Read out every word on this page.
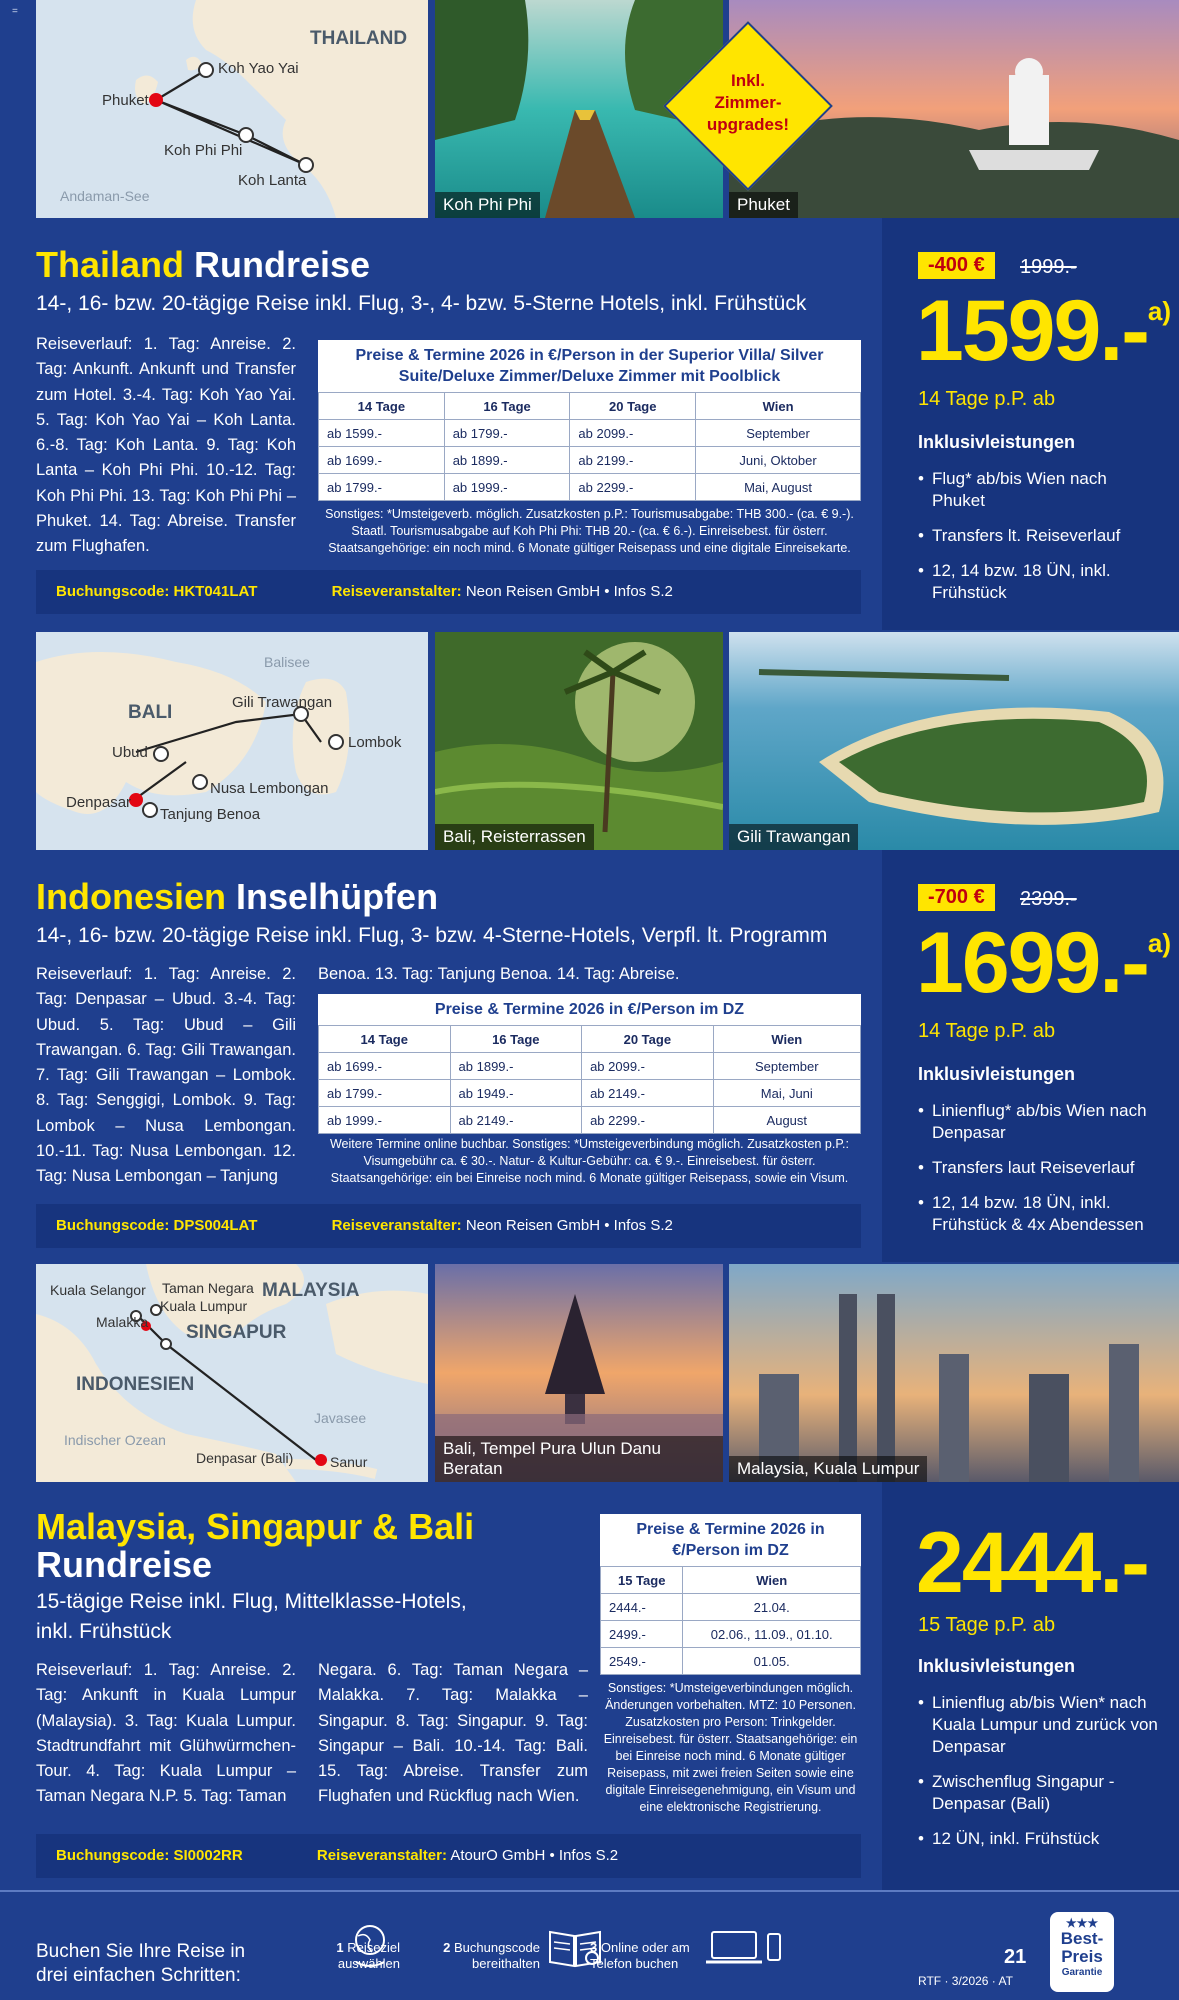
=
THAILAND
Koh Yao Yai
Phuket
Koh Phi Phi
Koh Lanta
Andaman-See	Koh Phi Phi	Phuket
Inkl. Zimmer-upgrades!
Thailand Rundreise
14-, 16- bzw. 20-tägige Reise inkl. Flug, 3-, 4- bzw. 5-Sterne Hotels, inkl. Frühstück
Reiseverlauf: 1. Tag: Anreise. 2. Tag: Ankunft. Ankunft und Transfer zum Hotel. 3.-4. Tag: Koh Yao Yai. 5. Tag: Koh Yao Yai – Koh Lanta. 6.-8. Tag: Koh Lanta. 9. Tag: Koh Lanta – Koh Phi Phi. 10.-12. Tag: Koh Phi Phi. 13. Tag: Koh Phi Phi – Phuket. 14. Tag: Abreise. Transfer zum Flughafen.
Preise & Termine 2026 in €/Person in der Superior Villa/ Silver Suite/Deluxe Zimmer/Deluxe Zimmer mit Poolblick
14 Tage	16 Tage	20 Tage	Wien
ab 1599.-	ab 1799.-	ab 2099.-	September
ab 1699.-	ab 1899.-	ab 2199.-	Juni, Oktober
ab 1799.-	ab 1999.-	ab 2299.-	Mai, August
Sonstiges: *Umsteigeverb. möglich. Zusatzkosten p.P.: Tourismusabgabe: THB 300.- (ca. € 9.-). Staatl. Tourismusabgabe auf Koh Phi Phi: THB 20.- (ca. € 6.-). Einreisebest. für österr. Staatsangehörige: ein noch mind. 6 Monate gültiger Reisepass und eine digitale Einreisekarte.
Buchungscode: HKT041LAT	Reiseveranstalter: Neon Reisen GmbH • Infos S.2
-400 €	1999.-
1599.-$^{a)}$
14 Tage p.P. ab
Inklusivleistungen
• Flug* ab/bis Wien nach Phuket
• Transfers lt. Reiseverlauf
• 12, 14 bzw. 18 ÜN, inkl. Frühstück
Balisee
BALI	Gili Trawangan
Lombok
Ubud
Nusa Lembongan
Denpasar
Tanjung Benoa
Bali, Reisterrassen	Gili Trawangan
Indonesien Inselhüpfen
14-, 16- bzw. 20-tägige Reise inkl. Flug, 3- bzw. 4-Sterne-Hotels, Verpfl. lt. Programm
Reiseverlauf: 1. Tag: Anreise. 2. Tag: Denpasar – Ubud. 3.-4. Tag: Ubud. 5. Tag: Ubud – Gili Trawangan. 6. Tag: Gili Trawangan. 7. Tag: Gili Trawangan – Lombok. 8. Tag: Senggigi, Lombok. 9. Tag: Lombok – Nusa Lembongan. 10.-11. Tag: Nusa Lembongan. 12. Tag: Nusa Lembongan – Tanjung
Benoa. 13. Tag: Tanjung Benoa. 14. Tag: Abreise.
Preise & Termine 2026 in €/Person im DZ
14 Tage	16 Tage	20 Tage	Wien
ab 1699.-	ab 1899.-	ab 2099.-	September
ab 1799.-	ab 1949.-	ab 2149.-	Mai, Juni
ab 1999.-	ab 2149.-	ab 2299.-	August
Weitere Termine online buchbar. Sonstiges: *Umsteigeverbindung möglich. Zusatzkosten p.P.: Visumgebühr ca. € 30.-. Natur- & Kultur-Gebühr: ca. € 9.-. Einreisebest. für österr. Staatsangehörige: ein bei Einreise noch mind. 6 Monate gültiger Reisepass, sowie ein Visum.
Buchungscode: DPS004LAT	Reiseveranstalter: Neon Reisen GmbH • Infos S.2
-700 €	2399.-
1699.-$^{a)}$
14 Tage p.P. ab
Inklusivleistungen
• Linienflug* ab/bis Wien nach Denpasar
• Transfers laut Reiseverlauf
• 12, 14 bzw. 18 ÜN, inkl. Frühstück & 4x Abendessen
Kuala Selangor Taman Negara MALAYSIA
Kuala Lumpur
Malakka SINGAPUR
INDONESIEN
Javasee
Indischer Ozean
Denpasar (Bali)	Sanur
Bali, Tempel Pura Ulun Danu Beratan	Malaysia, Kuala Lumpur
Malaysia, Singapur & Bali
Rundreise
15-tägige Reise inkl. Flug, Mittelklasse-Hotels,
inkl. Frühstück
Reiseverlauf: 1. Tag: Anreise. 2. Tag: Ankunft in Kuala Lumpur (Malaysia). 3. Tag: Kuala Lumpur. Stadtrundfahrt mit Glühwürmchen-Tour. 4. Tag: Kuala Lumpur – Taman Negara N.P. 5. Tag: Taman
Negara. 6. Tag: Taman Negara – Malakka. 7. Tag: Malakka – Singapur. 8. Tag: Singapur. 9. Tag: Singapur – Bali. 10.-14. Tag: Bali. 15. Tag: Abreise. Transfer zum Flughafen und Rückflug nach Wien.
Preise & Termine 2026 in €/Person im DZ
15 Tage	Wien
2444.-	21.04.
2499.-	02.06., 11.09., 01.10.
2549.-	01.05.
Sonstiges: *Umsteigeverbindungen möglich. Änderungen vorbehalten. MTZ: 10 Personen. Zusatzkosten pro Person: Trinkgelder. Einreisebest. für österr. Staatsangehörige: ein bei Einreise noch mind. 6 Monate gültiger Reisepass, mit zwei freien Seiten sowie eine digitale Einreisegenehmigung, ein Visum und eine elektronische Registrierung.
Buchungscode: SI0002RR	Reiseveranstalter: AtourO GmbH • Infos S.2
2444.-
15 Tage p.P. ab
Inklusivleistungen
• Linienflug ab/bis Wien* nach Kuala Lumpur und zurück von Denpasar
• Zwischenflug Singapur - Denpasar (Bali)
• 12 ÜN, inkl. Frühstück
Buchen Sie Ihre Reise in drei einfachen Schritten:
1 Reiseziel auswählen
2 Buchungscode bereithalten
3 Online oder am Telefon buchen	21
RTF · 3/2026 · AT
★★★
Best-
Preis
Garantie
